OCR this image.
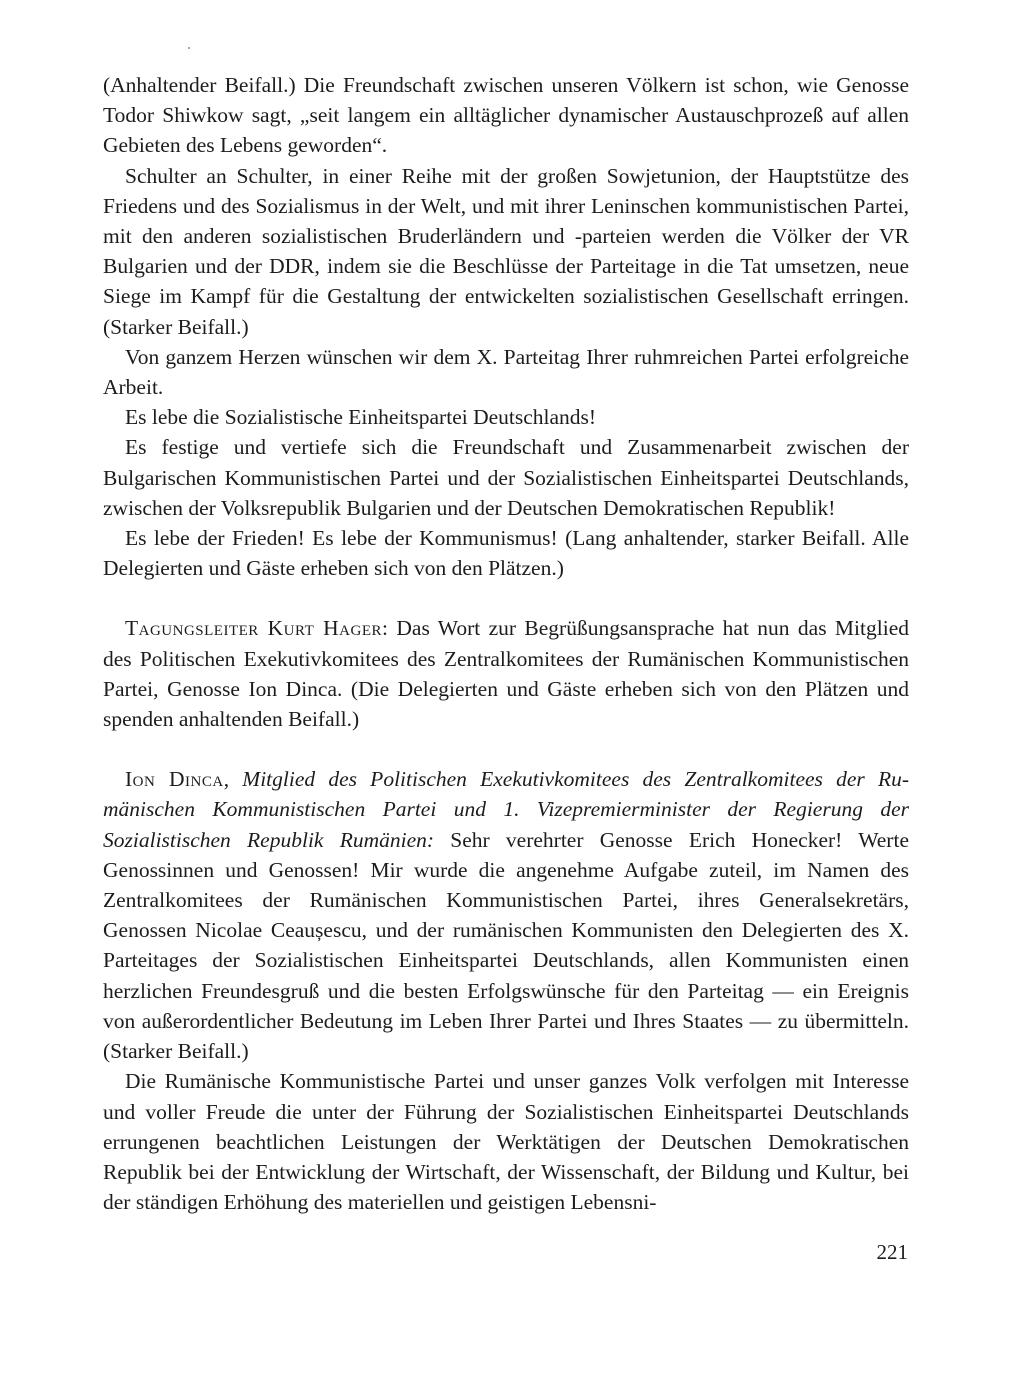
(Anhaltender Beifall.) Die Freundschaft zwischen unseren Völkern ist schon, wie Genosse Todor Shiwkow sagt, „seit langem ein alltäglicher dynamischer Austauschprozeß auf allen Gebieten des Lebens geworden“.

Schulter an Schulter, in einer Reihe mit der großen Sowjetunion, der Hauptstütze des Friedens und des Sozialismus in der Welt, und mit ihrer Leninschen kommunistischen Partei, mit den anderen sozialistischen Bruderländern und -parteien werden die Völker der VR Bulgarien und der DDR, indem sie die Beschlüsse der Parteitage in die Tat umsetzen, neue Siege im Kampf für die Gestaltung der entwickelten sozialistischen Gesellschaft erringen. (Starker Beifall.)

Von ganzem Herzen wünschen wir dem X. Parteitag Ihrer ruhmreichen Partei erfolgreiche Arbeit.

Es lebe die Sozialistische Einheitspartei Deutschlands!

Es festige und vertiefe sich die Freundschaft und Zusammenarbeit zwischen der Bulgarischen Kommunistischen Partei und der Sozialistischen Einheitspartei Deutschlands, zwischen der Volksrepublik Bulgarien und der Deutschen Demokratischen Republik!

Es lebe der Frieden! Es lebe der Kommunismus! (Lang anhaltender, starker Beifall. Alle Delegierten und Gäste erheben sich von den Plätzen.)

Tagungsleiter Kurt Hager: Das Wort zur Begrüßungsansprache hat nun das Mitglied des Politischen Exekutivkomitees des Zentralkomitees der Rumänischen Kommunistischen Partei, Genosse Ion Dinca. (Die Delegierten und Gäste erheben sich von den Plätzen und spenden anhaltenden Beifall.)

Ion Dinca, Mitglied des Politischen Exekutivkomitees des Zentralkomitees der Rumänischen Kommunistischen Partei und 1. Vizepremierminister der Regierung der Sozialistischen Republik Rumänien: Sehr verehrter Genosse Erich Honecker! Werte Genossinnen und Genossen! Mir wurde die angenehme Aufgabe zuteil, im Namen des Zentralkomitees der Rumänischen Kommunistischen Partei, ihres Generalsekretärs, Genossen Nicolae Ceaușescu, und der rumänischen Kommunisten den Delegierten des X. Parteitages der Sozialistischen Einheitspartei Deutschlands, allen Kommunisten einen herzlichen Freundesgruß und die besten Erfolgswünsche für den Parteitag — ein Ereignis von außerordentlicher Bedeutung im Leben Ihrer Partei und Ihres Staates — zu übermitteln. (Starker Beifall.)

Die Rumänische Kommunistische Partei und unser ganzes Volk verfolgen mit Interesse und voller Freude die unter der Führung der Sozialistischen Einheitspartei Deutschlands errungenen beachtlichen Leistungen der Werktätigen der Deutschen Demokratischen Republik bei der Entwicklung der Wirtschaft, der Wissenschaft, der Bildung und Kultur, bei der ständigen Erhöhung des materiellen und geistigen Lebensni-

221
